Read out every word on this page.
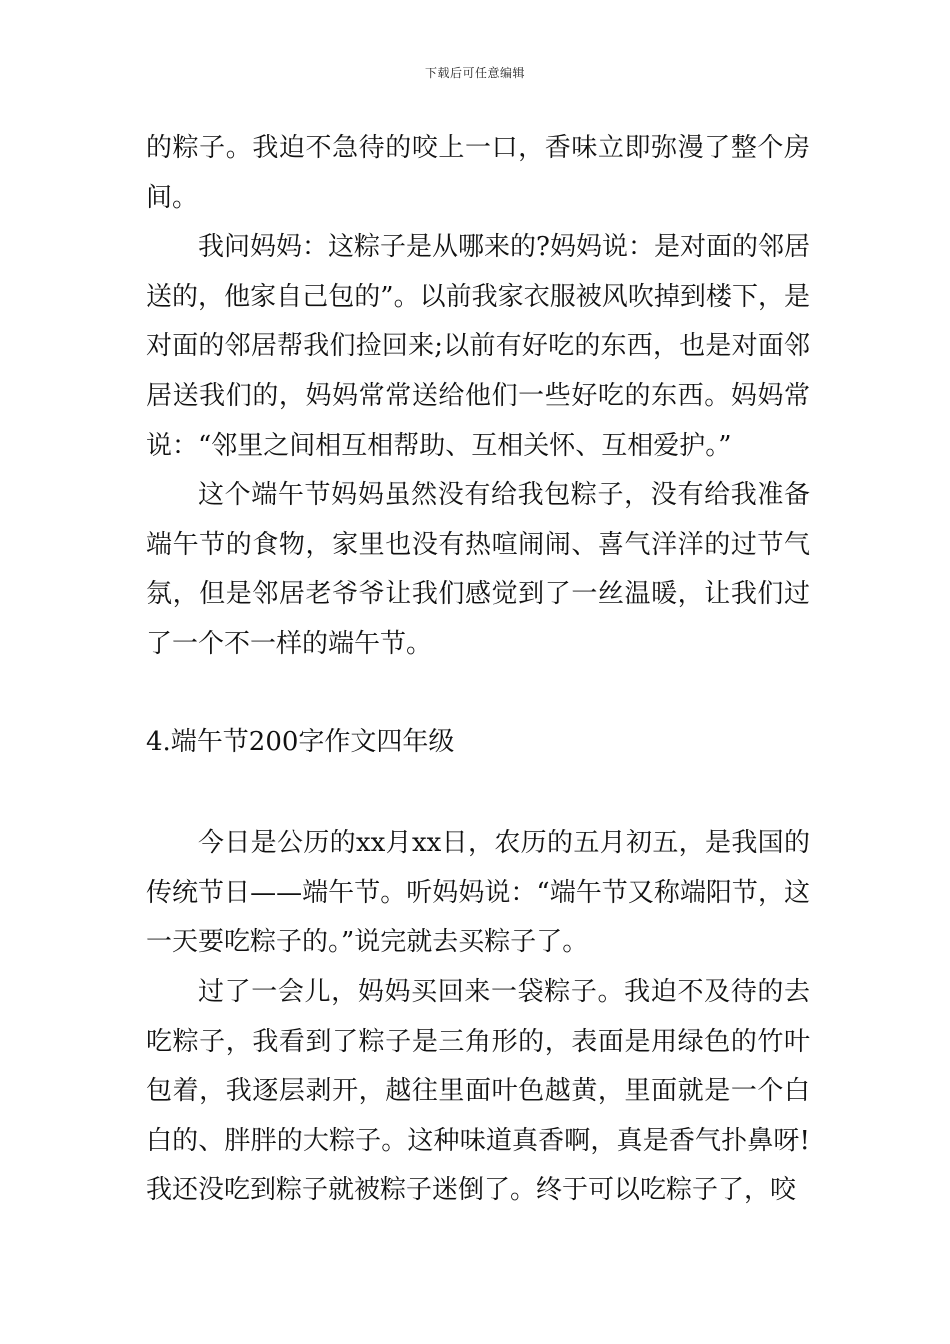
下载后可任意编辑

的粽子。我迫不急待的咬上一口，香味立即弥漫了整个房间。

我问妈妈：这粽子是从哪来的?妈妈说：是对面的邻居送的，他家自己包的”。以前我家衣服被风吹掉到楼下，是对面的邻居帮我们捡回来;以前有好吃的东西，也是对面邻居送我们的，妈妈常常送给他们一些好吃的东西。妈妈常说：“邻里之间相互相帮助、互相关怀、互相爱护。”

这个端午节妈妈虽然没有给我包粽子，没有给我准备端午节的食物，家里也没有热喧闹闹、喜气洋洋的过节气氛，但是邻居老爷爷让我们感觉到了一丝温暖，让我们过了一个不一样的端午节。

4.端午节200字作文四年级

今日是公历的xx月xx日，农历的五月初五，是我国的传统节日——端午节。听妈妈说：“端午节又称端阳节，这一天要吃粽子的。”说完就去买粽子了。

过了一会儿，妈妈买回来一袋粽子。我迫不及待的去吃粽子，我看到了粽子是三角形的，表面是用绿色的竹叶包着，我逐层剥开，越往里面叶色越黄，里面就是一个白白的、胖胖的大粽子。这种味道真香啊，真是香气扑鼻呀!我还没吃到粽子就被粽子迷倒了。终于可以吃粽子了，咬
